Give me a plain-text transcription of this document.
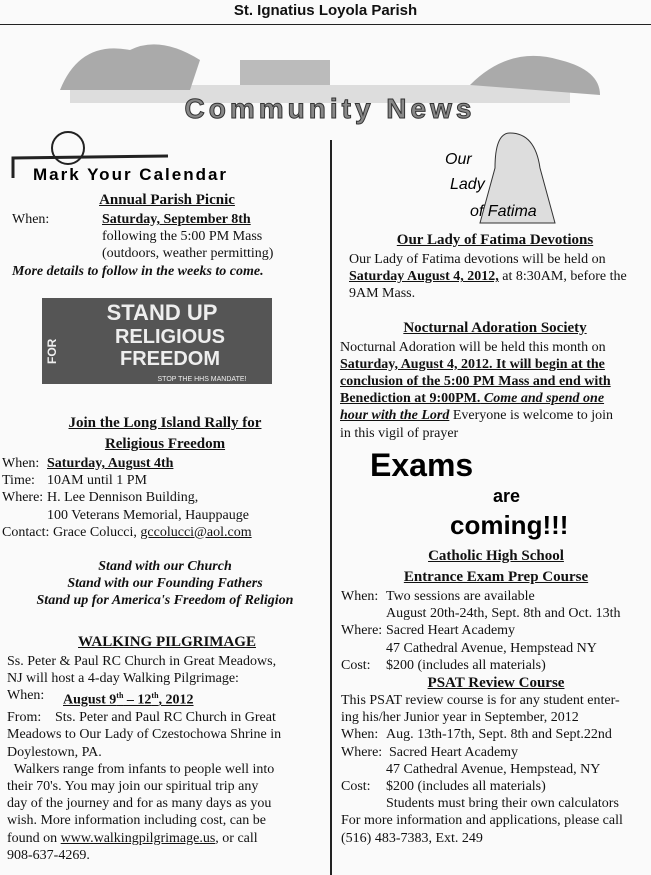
St. Ignatius Loyola Parish
Community News
Mark Your Calendar
Annual Parish Picnic
When:	Saturday, September 8th
following the 5:00 PM Mass
(outdoors, weather permitting)
More details to follow in the weeks to come.
STAND UP
RELIGIOUS
FREEDOM
FOR
STOP THE HHS MANDATE!
Join the Long Island Rally for
Religious Freedom
When: Saturday, August 4th
Time: 10AM until 1 PM
Where: H. Lee Dennison Building,
100 Veterans Memorial, Hauppauge
Contact:
Grace Colucci,
gccolucci@aol.com
Stand with our Church
Stand with our Founding Fathers
Stand up for America's Freedom of Religion
WALKING PILGRIMAGE
Ss. Peter & Paul RC Church in Great Meadows,
NJ will host a 4-day Walking Pilgrimage:
When:	August 9th – 12th, 2012
From: Sts. Peter and Paul RC Church in Great
Meadows to Our Lady of Czestochowa Shrine in
Doylestown, PA.
Walkers range from infants to people well into
their 70's. You may join our spiritual trip any
day of the journey and for as many days as you
wish. More information including cost, can be
found on www.walkingpilgrimage.us, or call
908-637-4269.
Our
Lady
of Fatima
Our Lady of Fatima Devotions
Our Lady of Fatima devotions will be held on
Saturday August 4, 2012, at 8:30AM, before the
9AM Mass.
Nocturnal Adoration Society
Nocturnal Adoration will be held this month on
Saturday, August 4, 2012. It will begin at the
conclusion of the 5:00 PM Mass and end with
Benediction at 9:00PM. Come and spend one
hour with the Lord Everyone is welcome to join
in this vigil of prayer
Exams
are
coming!!!
Catholic High School
Entrance Exam Prep Course
When: Two sessions are available
August 20th-24th, Sept. 8th and Oct. 13th
Where: Sacred Heart Academy
47 Cathedral Avenue, Hempstead NY
Cost:	$200 (includes all materials)
PSAT Review Course
This PSAT review course is for any student enter-
ing his/her Junior year in September, 2012
When: Aug. 13th-17th, Sept. 8th and Sept.22nd
Where: Sacred Heart Academy
47 Cathedral Avenue, Hempstead, NY
Cost:	$200 (includes all materials)
Students must bring their own calculators
For more information and applications, please call
(516) 483-7383, Ext. 249
